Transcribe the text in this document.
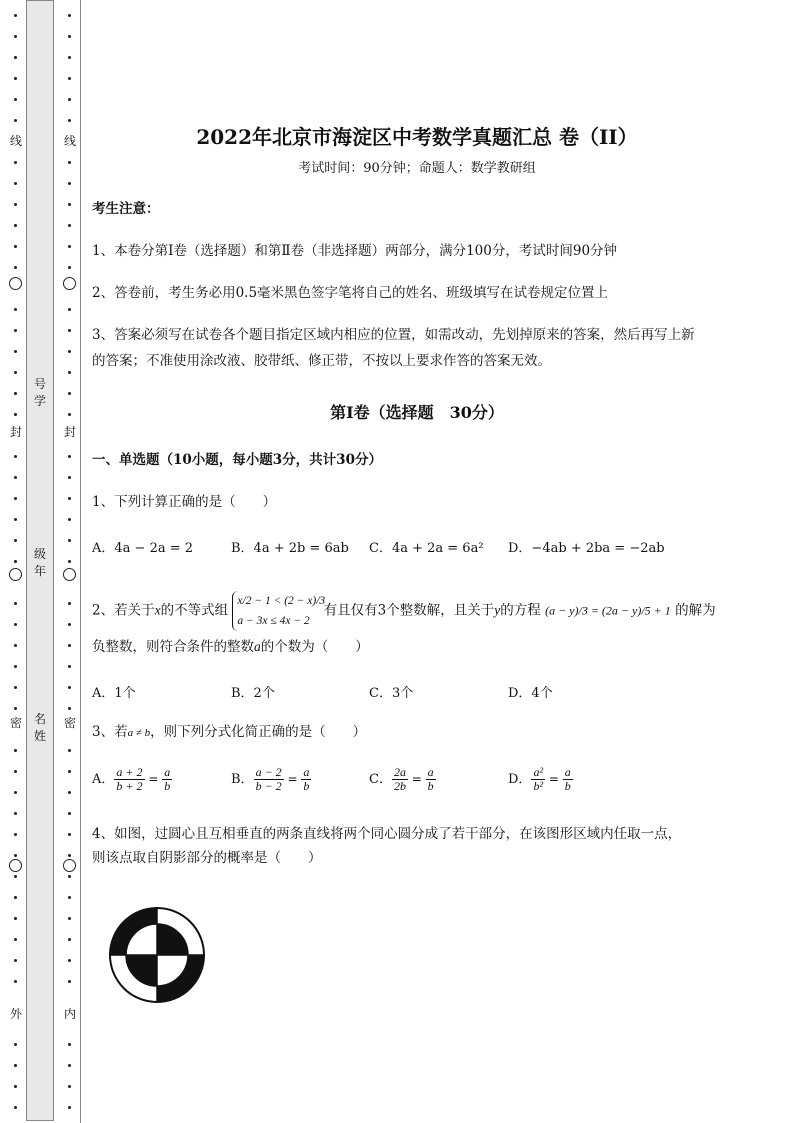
线
封
密
外
号
学
级
年
名
姓
线
封
密
内
2022年北京市海淀区中考数学真题汇总 卷（II）
考试时间：90分钟；命题人：数学教研组
考生注意：
1、本卷分第I卷（选择题）和第Ⅱ卷（非选择题）两部分，满分100分，考试时间90分钟
2、答卷前，考生务必用0.5毫米黑色签字笔将自己的姓名、班级填写在试卷规定位置上
3、答案必须写在试卷各个题目指定区域内相应的位置，如需改动，先划掉原来的答案，然后再写上新
的答案；不准使用涂改液、胶带纸、修正带，不按以上要求作答的答案无效。
第I卷（选择题　30分）
一、单选题（10小题，每小题3分，共计30分）
1、下列计算正确的是（　　）
A．4a − 2a = 2	B．4a + 2b = 6ab C．4a + 2a = 6a² D．−4ab + 2ba = −2ab
2、若关于x的不等式组
x/2 − 1 < (2 − x)/3
a − 3x ≤ 4x − 2
有且仅有3个整数解，且关于y的方程 (a − y)/3 = (2a − y)/5 + 1 的解为
负整数，则符合条件的整数a的个数为（　　）
A．1个	B．2个	C．3个	D．4个
3、若a ≠ b，则下列分式化简正确的是（　　）
A． $\frac{a + 2}{b + 2} = \frac{a}{b}$	B． $\frac{a - 2}{b - 2} = \frac{a}{b}$	C． $\frac{2a}{2b} = \frac{a}{b}$	D． $\frac{\text{a²}}{\text{b²}} = \frac{a}{b}$
4、如图，过圆心且互相垂直的两条直线将两个同心圆分成了若干部分，在该图形区域内任取一点，
则该点取自阴影部分的概率是（　　）
